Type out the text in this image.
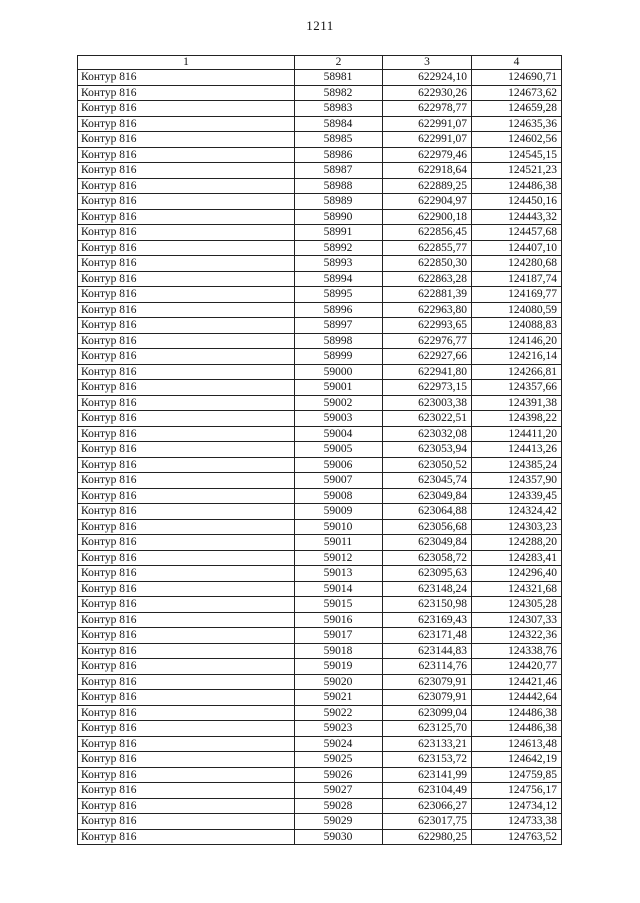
1211
1	2	3	4
Контур 816	58981	622924,10	124690,71
Контур 816	58982	622930,26	124673,62
Контур 816	58983	622978,77	124659,28
Контур 816	58984	622991,07	124635,36
Контур 816	58985	622991,07	124602,56
Контур 816	58986	622979,46	124545,15
Контур 816	58987	622918,64	124521,23
Контур 816	58988	622889,25	124486,38
Контур 816	58989	622904,97	124450,16
Контур 816	58990	622900,18	124443,32
Контур 816	58991	622856,45	124457,68
Контур 816	58992	622855,77	124407,10
Контур 816	58993	622850,30	124280,68
Контур 816	58994	622863,28	124187,74
Контур 816	58995	622881,39	124169,77
Контур 816	58996	622963,80	124080,59
Контур 816	58997	622993,65	124088,83
Контур 816	58998	622976,77	124146,20
Контур 816	58999	622927,66	124216,14
Контур 816	59000	622941,80	124266,81
Контур 816	59001	622973,15	124357,66
Контур 816	59002	623003,38	124391,38
Контур 816	59003	623022,51	124398,22
Контур 816	59004	623032,08	124411,20
Контур 816	59005	623053,94	124413,26
Контур 816	59006	623050,52	124385,24
Контур 816	59007	623045,74	124357,90
Контур 816	59008	623049,84	124339,45
Контур 816	59009	623064,88	124324,42
Контур 816	59010	623056,68	124303,23
Контур 816	59011	623049,84	124288,20
Контур 816	59012	623058,72	124283,41
Контур 816	59013	623095,63	124296,40
Контур 816	59014	623148,24	124321,68
Контур 816	59015	623150,98	124305,28
Контур 816	59016	623169,43	124307,33
Контур 816	59017	623171,48	124322,36
Контур 816	59018	623144,83	124338,76
Контур 816	59019	623114,76	124420,77
Контур 816	59020	623079,91	124421,46
Контур 816	59021	623079,91	124442,64
Контур 816	59022	623099,04	124486,38
Контур 816	59023	623125,70	124486,38
Контур 816	59024	623133,21	124613,48
Контур 816	59025	623153,72	124642,19
Контур 816	59026	623141,99	124759,85
Контур 816	59027	623104,49	124756,17
Контур 816	59028	623066,27	124734,12
Контур 816	59029	623017,75	124733,38
Контур 816	59030	622980,25	124763,52
